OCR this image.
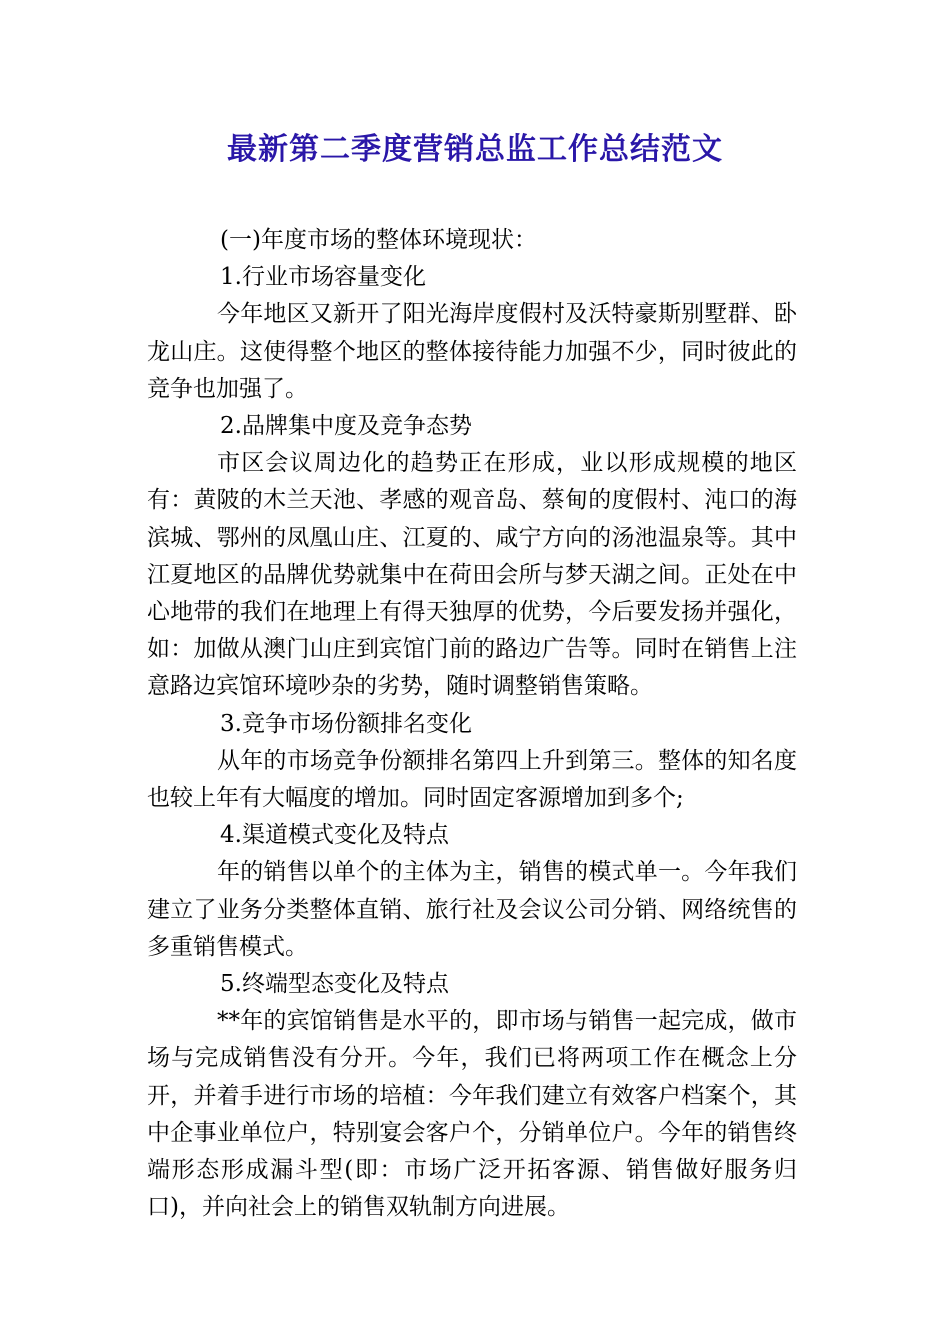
最新第二季度营销总监工作总结范文

(一)年度市场的整体环境现状：

1.行业市场容量变化

今年地区又新开了阳光海岸度假村及沃特豪斯别墅群、卧龙山庄。这使得整个地区的整体接待能力加强不少，同时彼此的竞争也加强了。

2.品牌集中度及竞争态势

市区会议周边化的趋势正在形成，业以形成规模的地区有：黄陂的木兰天池、孝感的观音岛、蔡甸的度假村、沌口的海滨城、鄂州的凤凰山庄、江夏的、咸宁方向的汤池温泉等。其中江夏地区的品牌优势就集中在荷田会所与梦天湖之间。正处在中心地带的我们在地理上有得天独厚的优势，今后要发扬并强化，如：加做从澳门山庄到宾馆门前的路边广告等。同时在销售上注意路边宾馆环境吵杂的劣势，随时调整销售策略。

3.竞争市场份额排名变化

从年的市场竞争份额排名第四上升到第三。整体的知名度也较上年有大幅度的增加。同时固定客源增加到多个;

4.渠道模式变化及特点

年的销售以单个的主体为主，销售的模式单一。今年我们建立了业务分类整体直销、旅行社及会议公司分销、网络统售的多重销售模式。

5.终端型态变化及特点

**年的宾馆销售是水平的，即市场与销售一起完成，做市场与完成销售没有分开。今年，我们已将两项工作在概念上分开，并着手进行市场的培植：今年我们建立有效客户档案个，其中企事业单位户，特别宴会客户个，分销单位户。今年的销售终端形态形成漏斗型(即：市场广泛开拓客源、销售做好服务归口)，并向社会上的销售双轨制方向进展。
